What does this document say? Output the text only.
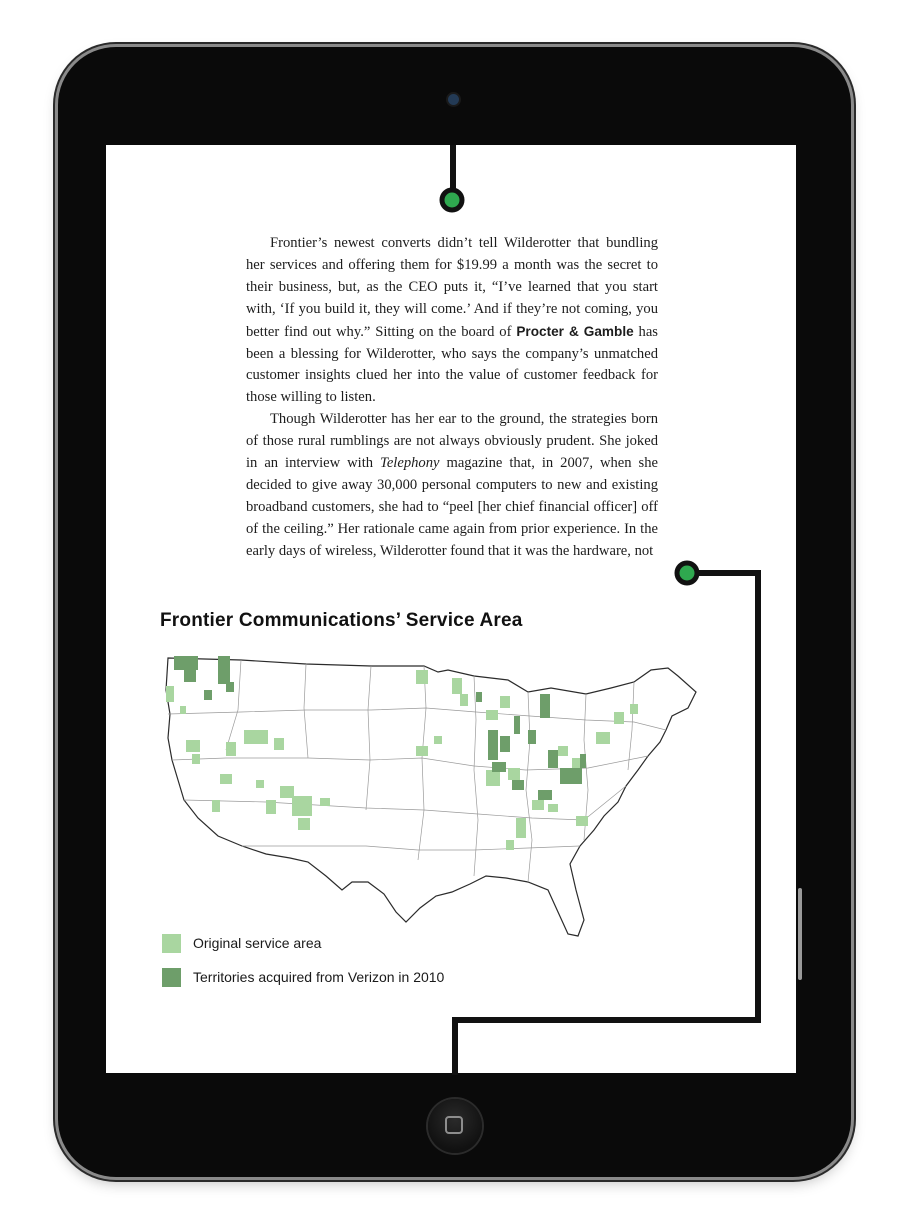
Frontier’s newest converts didn’t tell Wilderotter that bundling her services and offering them for $19.99 a month was the secret to their business, but, as the CEO puts it, “I’ve learned that you start with, ‘If you build it, they will come.’ And if they’re not coming, you better find out why.” Sitting on the board of Procter & Gamble has been a blessing for Wilderotter, who says the company’s unmatched customer insights clued her into the value of customer feedback for those willing to listen.

Though Wilderotter has her ear to the ground, the strategies born of those rural rumblings are not always obviously prudent. She joked in an interview with Telephony magazine that, in 2007, when she decided to give away 30,000 personal computers to new and existing broadband customers, she had to “peel [her chief financial officer] off of the ceiling.” Her rationale came again from prior experience. In the early days of wireless, Wilderotter found that it was the hardware, not

Frontier Communications’ Service Area
Original service area
Territories acquired from Verizon in 2010
